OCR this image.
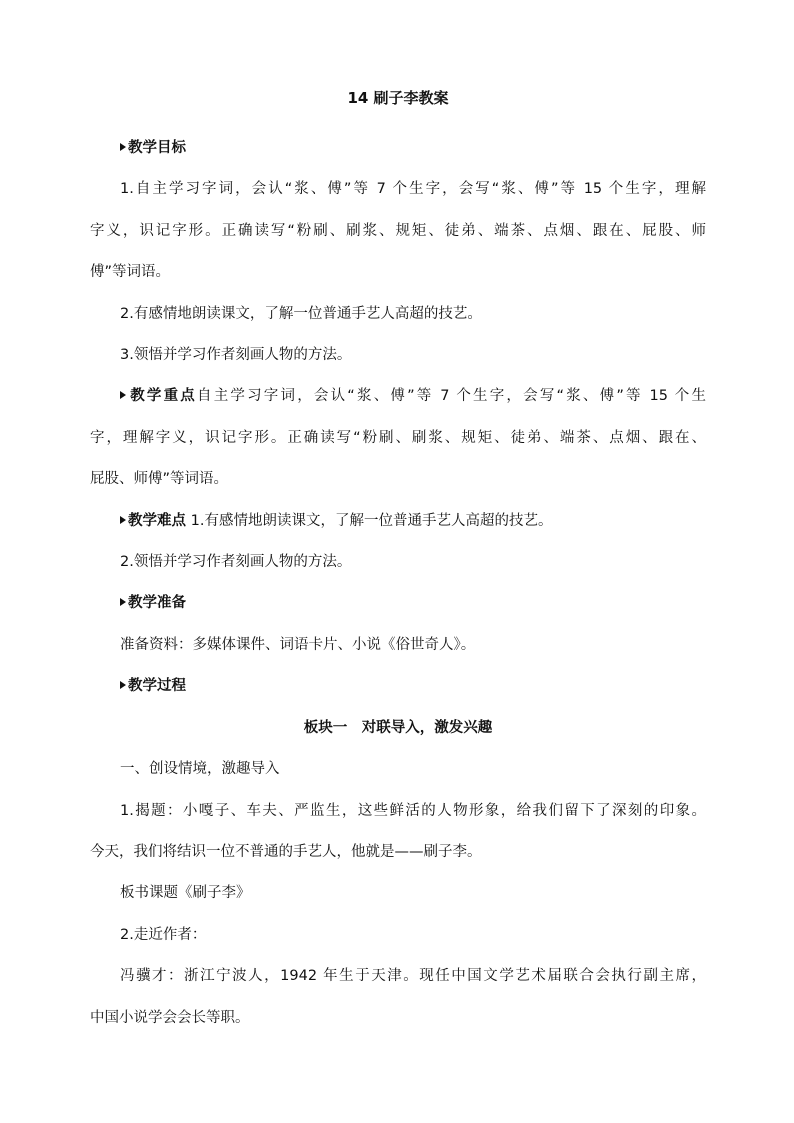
14 刷子李教案

教学目标

1.自主学习字词，会认“浆、傅”等 7 个生字，会写“浆、傅”等 15 个生字，理解

字义，识记字形。正确读写“粉刷、刷浆、规矩、徒弟、端茶、点烟、跟在、屁股、师

傅”等词语。

2.有感情地朗读课文，了解一位普通手艺人高超的技艺。

3.领悟并学习作者刻画人物的方法。

教学重点自主学习字词，会认“浆、傅”等 7 个生字，会写“浆、傅”等 15 个生

字，理解字义，识记字形。正确读写“粉刷、刷浆、规矩、徒弟、端茶、点烟、跟在、

屁股、师傅”等词语。

教学难点 1.有感情地朗读课文，了解一位普通手艺人高超的技艺。

2.领悟并学习作者刻画人物的方法。

教学准备

准备资料：多媒体课件、词语卡片、小说《俗世奇人》。

教学过程

板块一　对联导入，激发兴趣

一、创设情境，激趣导入

1.揭题：小嘎子、车夫、严监生，这些鲜活的人物形象，给我们留下了深刻的印象。

今天，我们将结识一位不普通的手艺人，他就是——刷子李。

板书课题《刷子李》

2.走近作者：

冯骥才：浙江宁波人，1942 年生于天津。现任中国文学艺术届联合会执行副主席，

中国小说学会会长等职。
